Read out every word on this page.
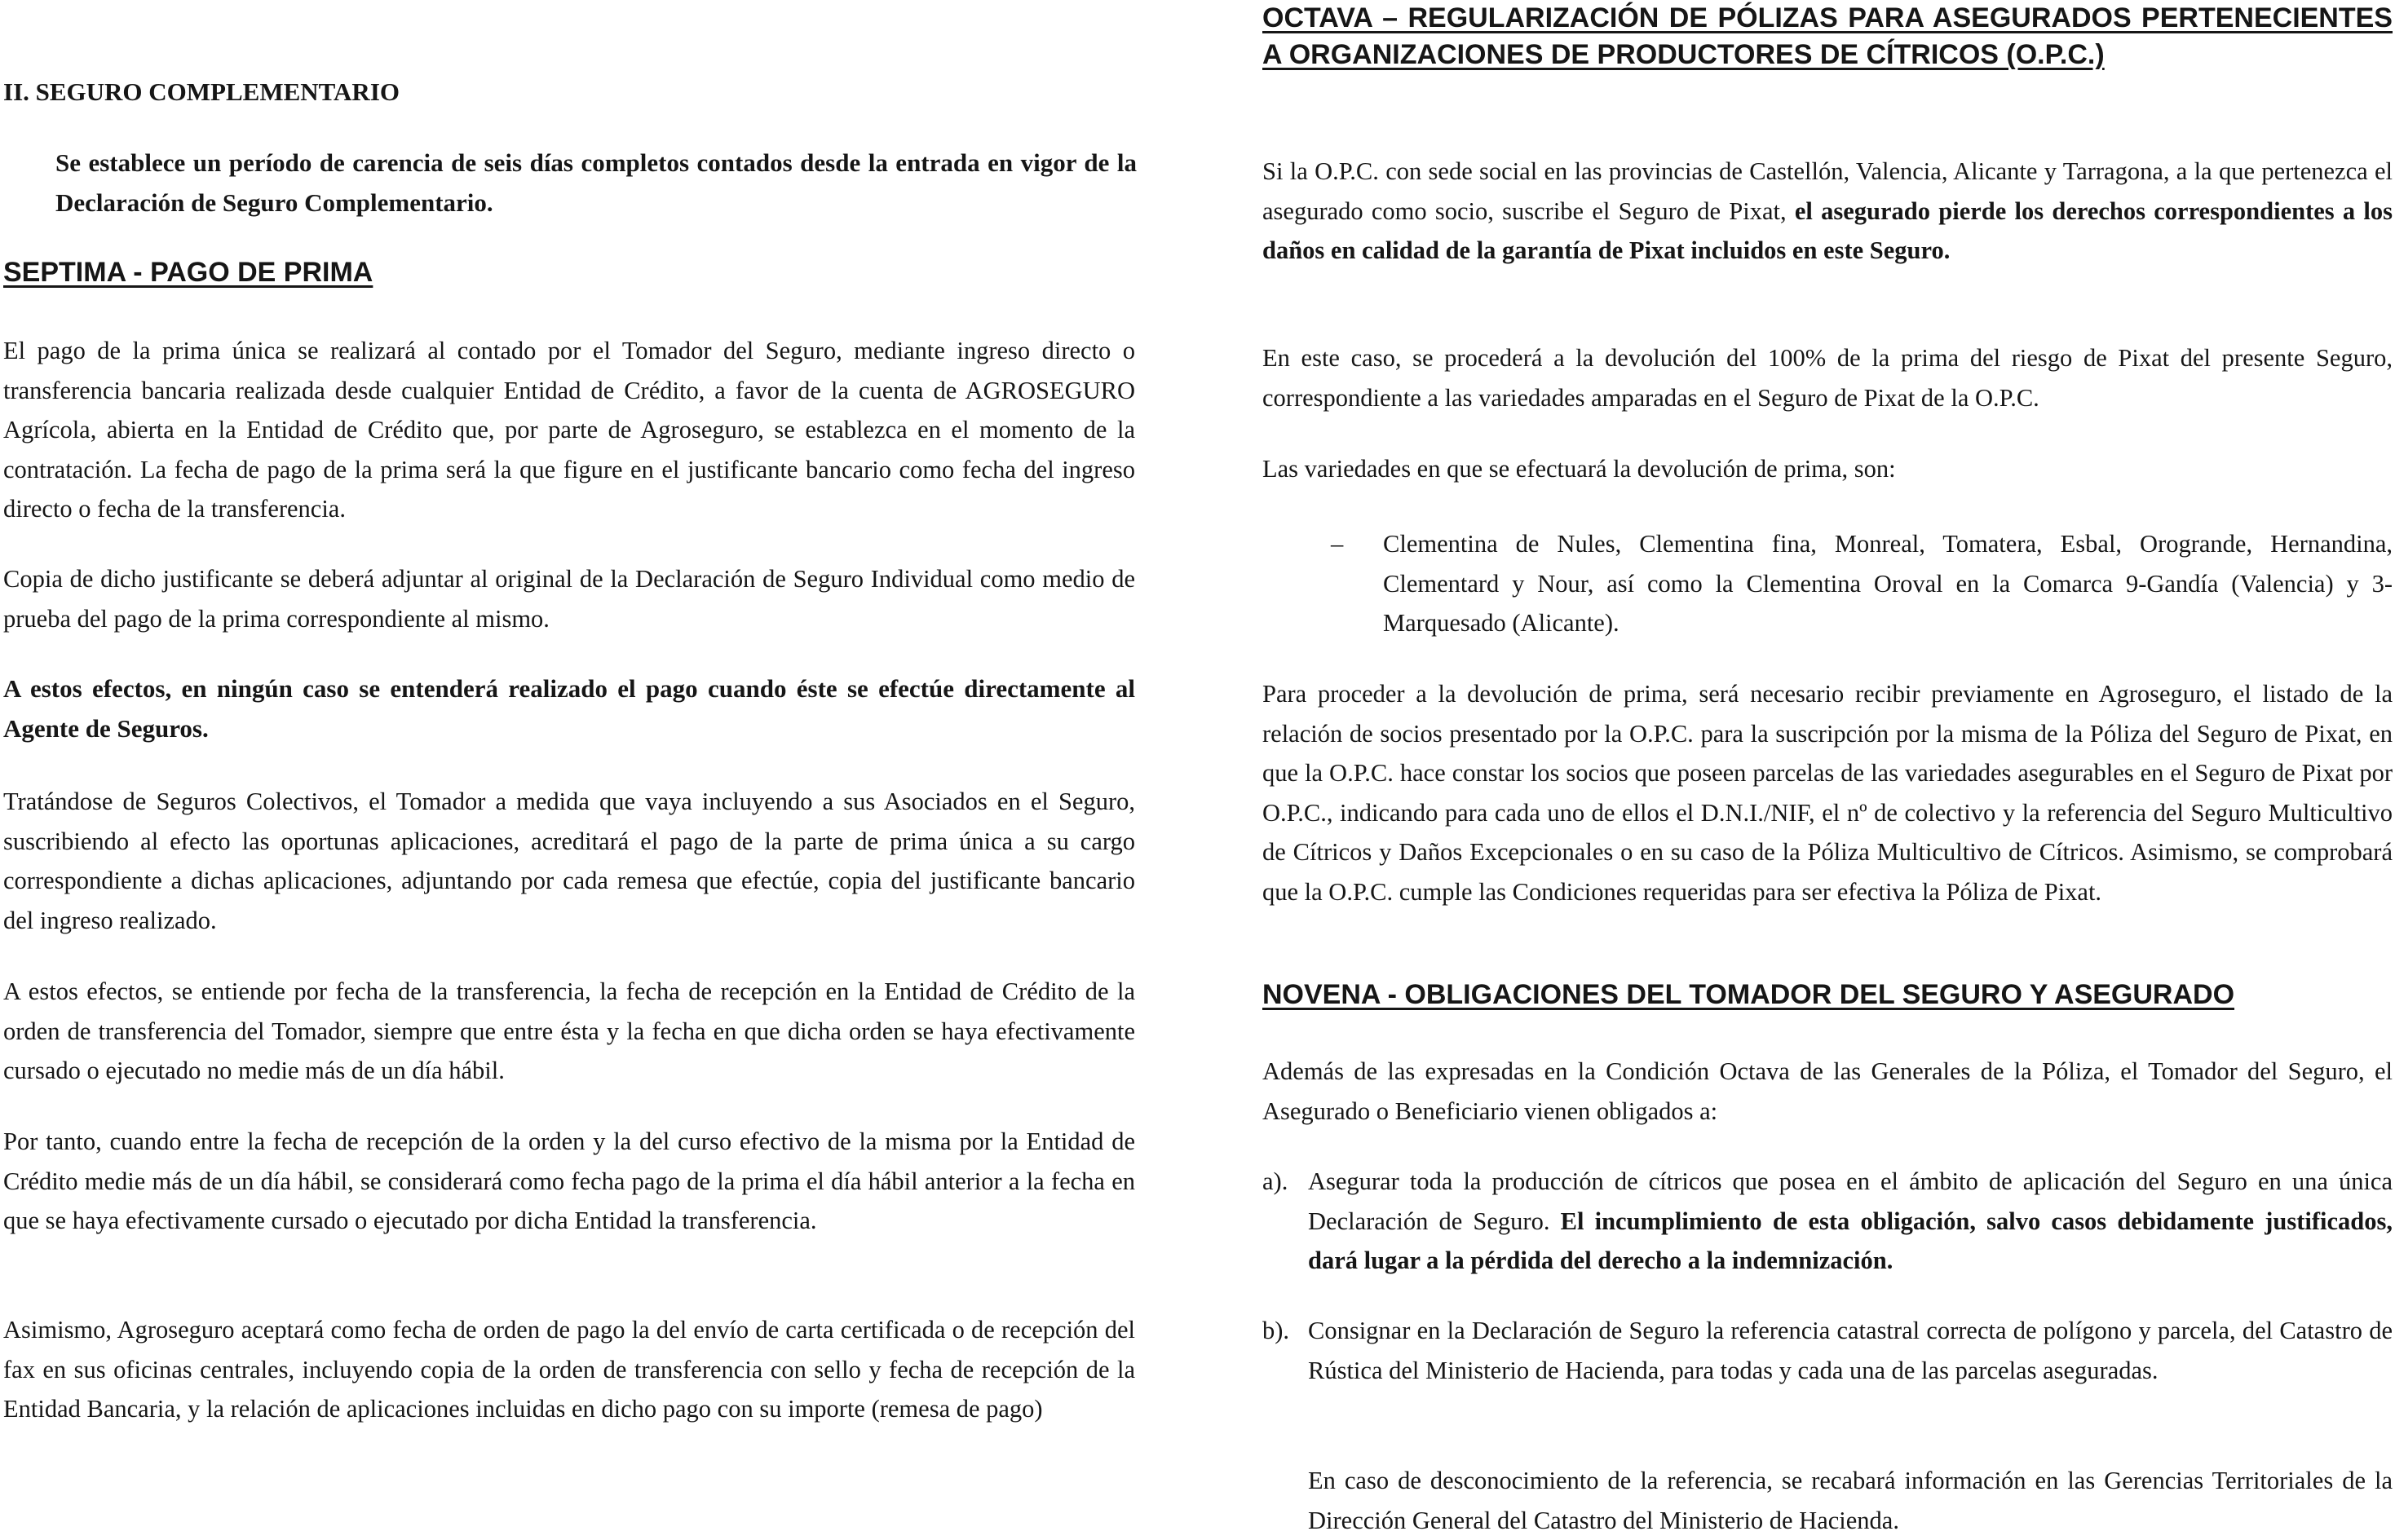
II. SEGURO COMPLEMENTARIO

Se establece un período de carencia de seis días completos contados desde la entrada en vigor de la Declaración de Seguro Complementario.

SEPTIMA - PAGO DE PRIMA

El pago de la prima única se realizará al contado por el Tomador del Seguro, mediante ingreso directo o transferencia bancaria realizada desde cualquier Entidad de Crédito, a favor de la cuenta de AGROSEGURO Agrícola, abierta en la Entidad de Crédito que, por parte de Agroseguro, se establezca en el momento de la contratación. La fecha de pago de la prima será la que figure en el justificante bancario como fecha del ingreso directo o fecha de la transferencia.

Copia de dicho justificante se deberá adjuntar al original de la Declaración de Seguro Individual como medio de prueba del pago de la prima correspondiente al mismo.

A estos efectos, en ningún caso se entenderá realizado el pago cuando éste se efectúe directamente al Agente de Seguros.

Tratándose de Seguros Colectivos, el Tomador a medida que vaya incluyendo a sus Asociados en el Seguro, suscribiendo al efecto las oportunas aplicaciones, acreditará el pago de la parte de prima única a su cargo correspondiente a dichas aplicaciones, adjuntando por cada remesa que efectúe, copia del justificante bancario del ingreso realizado.

A estos efectos, se entiende por fecha de la transferencia, la fecha de recepción en la Entidad de Crédito de la orden de transferencia del Tomador, siempre que entre ésta y la fecha en que dicha orden se haya efectivamente cursado o ejecutado no medie más de un día hábil.

Por tanto, cuando entre la fecha de recepción de la orden y la del curso efectivo de la misma por la Entidad de Crédito medie más de un día hábil, se considerará como fecha pago de la prima el día hábil anterior a la fecha en que se haya efectivamente cursado o ejecutado por dicha Entidad la transferencia.

Asimismo, Agroseguro aceptará como fecha de orden de pago la del envío de carta certificada o de recepción del fax en sus oficinas centrales, incluyendo copia de la orden de transferencia con sello y fecha de recepción de la Entidad Bancaria, y la relación de aplicaciones incluidas en dicho pago con su importe (remesa de pago)

OCTAVA – REGULARIZACIÓN DE PÓLIZAS PARA ASEGURADOS PERTENECIENTES A ORGANIZACIONES DE PRODUCTORES DE CÍTRICOS (O.P.C.)

Si la O.P.C. con sede social en las provincias de Castellón, Valencia, Alicante y Tarragona, a la que pertenezca el asegurado como socio, suscribe el Seguro de Pixat, el asegurado pierde los derechos correspondientes a los daños en calidad de la garantía de Pixat incluidos en este Seguro.

En este caso, se procederá a la devolución del 100% de la prima del riesgo de Pixat del presente Seguro, correspondiente a las variedades amparadas en el Seguro de Pixat de la O.P.C.

Las variedades en que se efectuará la devolución de prima, son:

–	Clementina de Nules, Clementina fina, Monreal, Tomatera, Esbal, Orogrande, Hernandina, Clementard y Nour, así como la Clementina Oroval en la Comarca 9-Gandía (Valencia) y 3-Marquesado (Alicante).

Para proceder a la devolución de prima, será necesario recibir previamente en Agroseguro, el listado de la relación de socios presentado por la O.P.C. para la suscripción por la misma de la Póliza del Seguro de Pixat, en que la O.P.C. hace constar los socios que poseen parcelas de las variedades asegurables en el Seguro de Pixat por O.P.C., indicando para cada uno de ellos el D.N.I./NIF, el nº de colectivo y la referencia del Seguro Multicultivo de Cítricos y Daños Excepcionales o en su caso de la Póliza Multicultivo de Cítricos. Asimismo, se comprobará que la O.P.C. cumple las Condiciones requeridas para ser efectiva la Póliza de Pixat.

NOVENA - OBLIGACIONES DEL TOMADOR DEL SEGURO Y ASEGURADO

Además de las expresadas en la Condición Octava de las Generales de la Póliza, el Tomador del Seguro, el Asegurado o Beneficiario vienen obligados a:

a). Asegurar toda la producción de cítricos que posea en el ámbito de aplicación del Seguro en una única Declaración de Seguro. El incumplimiento de esta obligación, salvo casos debidamente justificados, dará lugar a la pérdida del derecho a la indemnización.

b). Consignar en la Declaración de Seguro la referencia catastral correcta de polígono y parcela, del Catastro de Rústica del Ministerio de Hacienda, para todas y cada una de las parcelas aseguradas.

En caso de desconocimiento de la referencia, se recabará información en las Gerencias Territoriales de la Dirección General del Catastro del Ministerio de Hacienda.
